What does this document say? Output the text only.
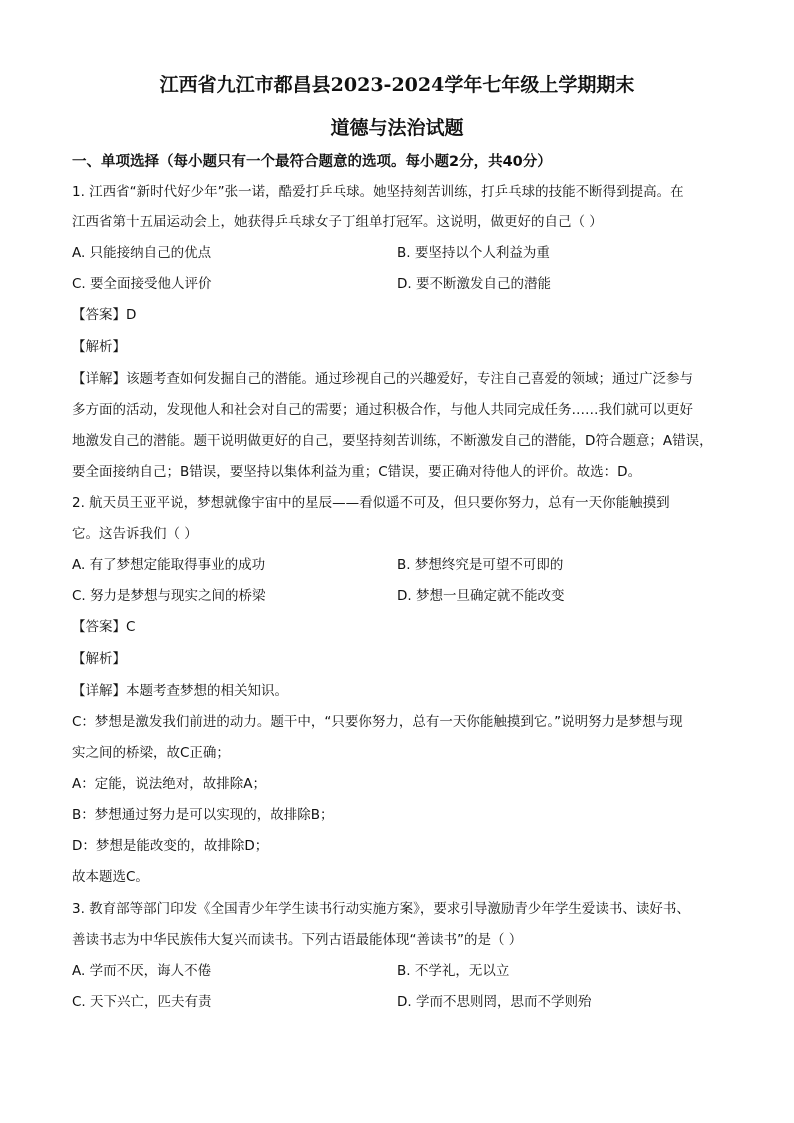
江西省九江市都昌县2023-2024学年七年级上学期期末
道德与法治试题
一、单项选择（每小题只有一个最符合题意的选项。每小题2分，共40分）
1. 江西省“新时代好少年”张一诺，酷爱打乒乓球。她坚持刻苦训练，打乒乓球的技能不断得到提高。在
江西省第十五届运动会上，她获得乒乓球女子丁组单打冠军。这说明，做更好的自己（ ）
A. 只能接纳自己的优点	B. 要坚持以个人利益为重
C. 要全面接受他人评价	D. 要不断激发自己的潜能
【答案】D
【解析】
【详解】该题考查如何发掘自己的潜能。通过珍视自己的兴趣爱好，专注自己喜爱的领域；通过广泛参与
多方面的活动，发现他人和社会对自己的需要；通过积极合作，与他人共同完成任务……我们就可以更好
地激发自己的潜能。题干说明做更好的自己，要坚持刻苦训练，不断激发自己的潜能，D符合题意；A错误，
要全面接纳自己；B错误，要坚持以集体利益为重；C错误，要正确对待他人的评价。故选：D。
2. 航天员王亚平说，梦想就像宇宙中的星辰——看似遥不可及，但只要你努力，总有一天你能触摸到
它。这告诉我们（ ）
A. 有了梦想定能取得事业的成功	B. 梦想终究是可望不可即的
C. 努力是梦想与现实之间的桥梁	D. 梦想一旦确定就不能改变
【答案】C
【解析】
【详解】本题考查梦想的相关知识。
C：梦想是激发我们前进的动力。题干中，“只要你努力，总有一天你能触摸到它。”说明努力是梦想与现
实之间的桥梁，故C正确；
A：定能，说法绝对，故排除A；
B：梦想通过努力是可以实现的，故排除B；
D：梦想是能改变的，故排除D；
故本题选C。
3. 教育部等部门印发《全国青少年学生读书行动实施方案》，要求引导激励青少年学生爱读书、读好书、
善读书志为中华民族伟大复兴而读书。下列古语最能体现“善读书”的是（ ）
A. 学而不厌，诲人不倦	B. 不学礼，无以立
C. 天下兴亡，匹夫有责	D. 学而不思则罔，思而不学则殆
